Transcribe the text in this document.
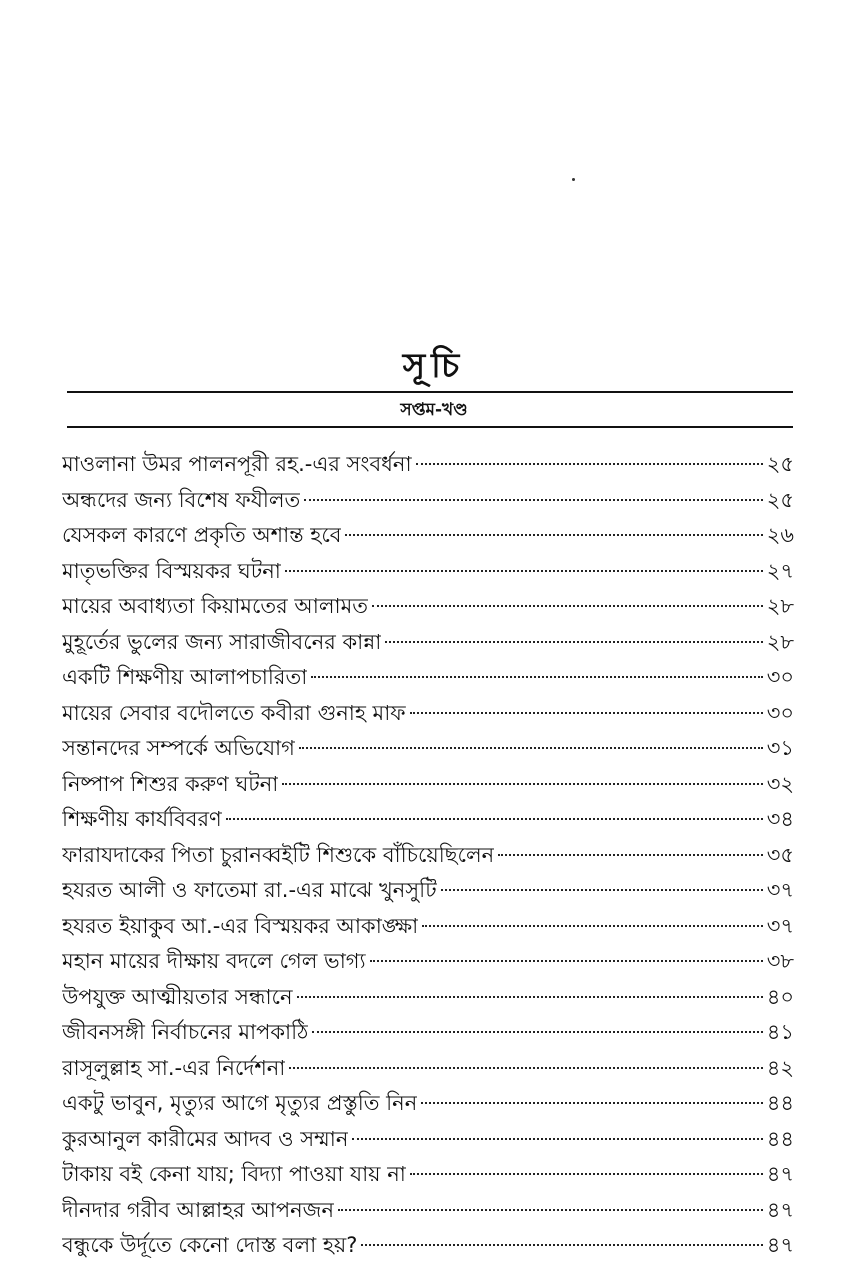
সূচি
সপ্তম-খণ্ড
মাওলানা উমর পালনপূরী রহ.-এর সংবর্ধনা	২৫
অন্ধদের জন্য বিশেষ ফযীলত	২৫
যেসকল কারণে প্রকৃতি অশান্ত হবে	২৬
মাতৃভক্তির বিস্ময়কর ঘটনা	২৭
মায়ের অবাধ্যতা কিয়ামতের আলামত	২৮
মুহূর্তের ভুলের জন্য সারাজীবনের কান্না	২৮
একটি শিক্ষণীয় আলাপচারিতা	৩০
মায়ের সেবার বদৌলতে কবীরা গুনাহ মাফ	৩০
সন্তানদের সম্পর্কে অভিযোগ	৩১
নিষ্পাপ শিশুর করুণ ঘটনা	৩২
শিক্ষণীয় কার্যবিবরণ	৩৪
ফারাযদাকের পিতা চুরানব্বইটি শিশুকে বাঁচিয়েছিলেন	৩৫
হযরত আলী ও ফাতেমা রা.-এর মাঝে খুনসুটি	৩৭
হযরত ইয়াকুব আ.-এর বিস্ময়কর আকাঙ্ক্ষা	৩৭
মহান মায়ের দীক্ষায় বদলে গেল ভাগ্য	৩৮
উপযুক্ত আত্মীয়তার সন্ধানে	৪০
জীবনসঙ্গী নির্বাচনের মাপকাঠি	৪১
রাসূলুল্লাহ সা.-এর নির্দেশনা	৪২
একটু ভাবুন, মৃত্যুর আগে মৃত্যুর প্রস্তুতি নিন	৪৪
কুরআনুল কারীমের আদব ও সম্মান	৪৪
টাকায় বই কেনা যায়; বিদ্যা পাওয়া যায় না	৪৭
দীনদার গরীব আল্লাহর আপনজন	৪৭
বন্ধুকে উর্দূতে কেনো দোস্ত বলা হয়?	৪৭
